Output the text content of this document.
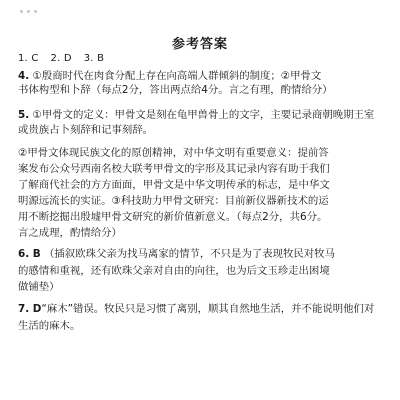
参考答案
1. C 2. D 3. B
4. ①殷商时代在肉食分配上存在向高端人群倾斜的制度；②甲骨文
书体构型和卜辞（每点2分，答出两点给4分。言之有理，酌情给分）
5. ①甲骨文的定义：甲骨文是刻在龟甲兽骨上的文字，主要记录商朝晚期王室
或贵族占卜刻辞和记事刻辞。
②甲骨文体现民族文化的原创精神，对中华文明有重要意义：提前答
案发布公众号西南名校大联考甲骨文的字形及其记录内容有助于我们
了解商代社会的方方面面，甲骨文是中华文明传承的标志，是中华文
明源远流长的实证。③科技助力甲骨文研究：目前新仪器新技术的运
用不断挖掘出殷墟甲骨文研究的新价值新意义。（每点2分，共6分。
言之成理，酌情给分）
6. B （插叙欧珠父亲为找马离家的情节，不只是为了表现牧民对牧马
的感情和重视，还有欧珠父亲对自由的向往，也为后文玉珍走出困境
做铺垫）
7. D“麻木”错误。牧民只是习惯了离别，顺其自然地生活，并不能说明他们对
生活的麻木。
